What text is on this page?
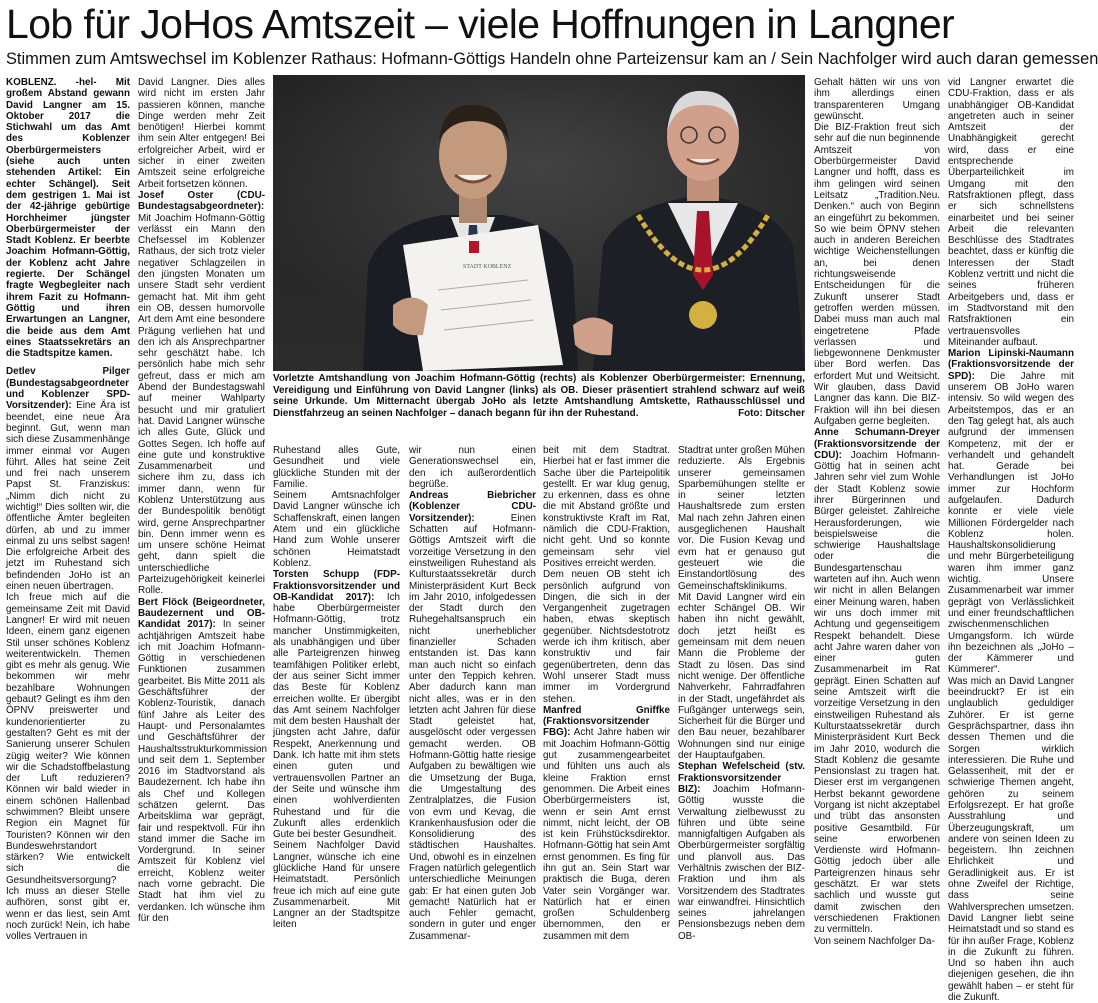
Lob für JoHos Amtszeit – viele Hoffnungen in Langner
Stimmen zum Amtswechsel im Koblenzer Rathaus: Hofmann-Göttigs Handeln ohne Parteizensur kam an / Sein Nachfolger wird auch daran gemessen

KOBLENZ. -hel- Mit großem Abstand gewann David Langner am 15. Oktober 2017 die Stichwahl um das Amt des Koblenzer Oberbürgermeisters (siehe auch unten stehenden Artikel: Ein echter Schängel). Seit dem gestrigen 1. Mai ist der 42-jährige gebürtige Horchheimer jüngster Oberbürgermeister der Stadt Koblenz. Er beerbte Joachim Hofmann-Göttig, der Koblenz acht Jahre regierte. Der Schängel fragte Wegbegleiter nach ihrem Fazit zu Hofmann-Göttig und ihren Erwartungen an Langner, die beide aus dem Amt eines Staatssekretärs an die Stadtspitze kamen.

Detlev Pilger (Bundestagsabgeordneter und Koblenzer SPD-Vorsitzender): Eine Ära ist beendet, eine neue Ära beginnt. Gut, wenn man sich diese Zusammenhänge immer einmal vor Augen führt. Alles hat seine Zeit und frei nach unserem Papst St. Franziskus: „Nimm dich nicht zu wichtig!“ Dies sollten wir, die öffentliche Ämter begleiten dürfen, ab und zu immer einmal zu uns selbst sagen! Die erfolgreiche Arbeit des jetzt im Ruhestand sich befindenden JoHo ist an einen neuen übertragen.

Ich freue mich auf die gemeinsame Zeit mit David Langner! Er wird mit neuen Ideen, einem ganz eigenen Stil unser schönes Koblenz weiterentwickeln. Themen gibt es mehr als genug. Wie bekommen wir mehr bezahlbare Wohnungen gebaut? Gelingt es ihm den ÖPNV preiswerter und kundenorientierter zu gestalten? Geht es mit der Sanierung unserer Schulen zügig weiter? Wie können wir die Schadstoffbelastung der Luft reduzieren? Können wir bald wieder in einem schönen Hallenbad schwimmen? Bleibt unsere Region ein Magnet für Touristen? Können wir den Bundeswehrstandort stärken? Wie entwickelt sich die Gesundheitsversorgung? Ich muss an dieser Stelle aufhören, sonst gibt er, wenn er das liest, sein Amt noch zurück! Nein, ich habe volles Vertrauen in

David Langner. Dies alles wird nicht im ersten Jahr passieren können, manche Dinge werden mehr Zeit benötigen! Hierbei kommt ihm sein Alter entgegen! Bei erfolgreicher Arbeit, wird er sicher in einer zweiten Amtszeit seine erfolgreiche Arbeit fortsetzen können.

Josef Oster (CDU-Bundestagsabgeordneter): Mit Joachim Hofmann-Göttig verlässt ein Mann den Chefsessel im Koblenzer Rathaus, der sich trotz vieler negativer Schlagzeilen in den jüngsten Monaten um unsere Stadt sehr verdient gemacht hat. Mit ihm geht ein OB, dessen humorvolle Art dem Amt eine besondere Prägung verliehen hat und den ich als Ansprechpartner sehr geschätzt habe. Ich persönlich habe mich sehr gefreut, dass er mich am Abend der Bundestagswahl auf meiner Wahlparty besucht und mir gratuliert hat. David Langner wünsche ich alles Gute, Glück und Gottes Segen. Ich hoffe auf eine gute und konstruktive Zusammenarbeit und sichere ihm zu, dass ich immer dann, wenn für Koblenz Unterstützung aus der Bundespolitik benötigt wird, gerne Ansprechpartner bin. Denn immer wenn es um unsere schöne Heimat geht, dann spielt die unterschiedliche Parteizugehörigkeit keinerlei Rolle.

Bert Flöck (Beigeordneter, Baudezernent und OB-Kandidat 2017): In seiner achtjährigen Amtszeit habe ich mit Joachim Hofmann-Göttig in verschiedenen Funktionen zusammen gearbeitet. Bis Mitte 2011 als Geschäftsführer der Koblenz-Touristik, danach fünf Jahre als Leiter des Haupt- und Personalamtes und Geschäftsführer der Haushaltsstrukturkommission und seit dem 1. September 2016 im Stadtvorstand als Baudezernent. Ich habe ihn als Chef und Kollegen schätzen gelernt. Das Arbeitsklima war geprägt, fair und respektvoll. Für ihn stand immer die Sache im Vordergrund. In seiner Amtszeit für Koblenz viel erreicht, Koblenz weiter nach vorne gebracht. Die Stadt hat ihm viel zu verdanken. Ich wünsche ihm für den

STADT KOBLENZ
Vorletzte Amtshandlung von Joachim Hofmann-Göttig (rechts) als Koblenzer Oberbürgermeister: Ernennung, Vereidigung und Einführung von David Langner (links) als OB. Dieser präsentiert strahlend schwarz auf weiß seine Urkunde. Um Mitternacht übergab JoHo als letzte Amtshandlung Amtskette, Rathausschlüssel und Dienstfahrzeug an seinen Nachfolger – danach begann für ihn der Ruhestand.	Foto: Ditscher

Ruhestand alles Gute, Gesundheit und viele glückliche Stunden mit der Familie.

Seinem Amtsnachfolger David Langner wünsche ich Schaffenskraft, einen langen Atem und ein glückliche Hand zum Wohle unserer schönen Heimatstadt Koblenz.

Torsten Schupp (FDP-Fraktionsvorsitzender und OB-Kandidat 2017): Ich habe Oberbürgermeister Hofmann-Göttig, trotz mancher Unstimmigkeiten, als unabhängigen und über alle Parteigrenzen hinweg teamfähigen Politiker erlebt, der aus seiner Sicht immer das Beste für Koblenz erreichen wollte. Er übergibt das Amt seinem Nachfolger mit dem besten Haushalt der jüngsten acht Jahre, dafür Respekt, Anerkennung und Dank. Ich hatte mit ihm stets einen guten und vertrauensvollen Partner an der Seite und wünsche ihm einen wohlverdienten Ruhestand und für die Zukunft alles erdenklich Gute bei bester Gesundheit.

Seinem Nachfolger David Langner, wünsche ich eine glückliche Hand für unsere Heimatstadt. Persönlich freue ich mich auf eine gute Zusammenarbeit. Mit Langner an der Stadtspitze leiten

wir nun einen Generationswechsel ein, den ich außerordentlich begrüße.

Andreas Biebricher (Koblenzer CDU-Vorsitzender): Einen Schatten auf Hofmann-Göttigs Amtszeit wirft die vorzeitige Versetzung in den einstweiligen Ruhestand als Kulturstaatssekretär durch Ministerpräsident Kurt Beck im Jahr 2010, infolgedessen der Stadt durch den Ruhegehaltsanspruch ein nicht unerheblicher finanzieller Schaden entstanden ist. Das kann man auch nicht so einfach unter den Teppich kehren. Aber dadurch kann man nicht alles, was er in den letzten acht Jahren für diese Stadt geleistet hat, ausgelöscht oder vergessen gemacht werden. OB Hofmann-Göttig hatte riesige Aufgaben zu bewältigen wie die Umsetzung der Buga, die Umgestaltung des Zentralplatzes, die Fusion von evm und Kevag, die Krankenhausfusion oder die Konsolidierung des städtischen Haushaltes. Und, obwohl es in einzelnen Fragen natürlich gelegentlich unterschiedliche Meinungen gab: Er hat einen guten Job gemacht! Natürlich hat er auch Fehler gemacht, sondern in guter und enger Zusammenar-

beit mit dem Stadtrat. Hierbei hat er fast immer die Sache über die Parteipolitik gestellt. Er war klug genug, zu erkennen, dass es ohne die mit Abstand größte und konstruktivste Kraft im Rat, nämlich die CDU-Fraktion, nicht geht. Und so konnte gemeinsam sehr viel Positives erreicht werden.

Dem neuen OB steht ich persönlich aufgrund von Dingen, die sich in der Vergangenheit zugetragen haben, etwas skeptisch gegenüber. Nichtsdestotrotz werde ich ihm kritisch, aber konstruktiv und fair gegenübertreten, denn das Wohl unserer Stadt muss immer im Vordergrund stehen.

Manfred Gniffke (Fraktionsvorsitzender FBG): Acht Jahre haben wir mit Joachim Hofmann-Göttig gut zusammengearbeitet und fühlten uns auch als kleine Fraktion ernst genommen. Die Arbeit eines Oberbürgermeisters ist, wenn er sein Amt ernst nimmt, nicht leicht, der OB ist kein Frühstücksdirektor. Hofmann-Göttig hat sein Amt ernst genommen. Es fing für ihn gut an. Sein Start war praktisch die Buga, deren Vater sein Vorgänger war. Natürlich hat er einen großen Schuldenberg übernommen, den er zusammen mit dem

Stadtrat unter großen Mühen reduzierte. Als Ergebnis unserer gemeinsamen Sparbemühungen stellte er in seiner letzten Haushaltsrede zum ersten Mal nach zehn Jahren einen ausgeglichenen Haushalt vor. Die Fusion Kevag und evm hat er genauso gut gesteuert wie die Einstandortlösung des Gemeinschaftsklinikums.

Mit David Langner wird ein echter Schängel OB. Wir haben ihn nicht gewählt, doch jetzt heißt es gemeinsam mit dem neuen Mann die Probleme der Stadt zu lösen. Das sind nicht wenige. Der öffentliche Nahverkehr, Fahrradfahren in der Stadt, ungefährdet als Fußgänger unterwegs sein, Sicherheit für die Bürger und den Bau neuer, bezahlbarer Wohnungen sind nur einige der Hauptaufgaben.

Stephan Wefelscheid (stv. Fraktionsvorsitzender BIZ): Joachim Hofmann-Göttig wusste die Verwaltung zielbewusst zu führen und übte seine mannigfaltigen Aufgaben als Oberbürgermeister sorgfältig und planvoll aus. Das Verhältnis zwischen der BIZ-Fraktion und ihm als Vorsitzendem des Stadtrates war einwandfrei. Hinsichtlich seines jahrelangen Pensionsbezugs neben dem OB-

Gehalt hätten wir uns von ihm allerdings einen transparenteren Umgang gewünscht.

Die BIZ-Fraktion freut sich sehr auf die nun beginnende Amtszeit von Oberbürgermeister David Langner und hofft, dass es ihm gelingen wird seinen Leitsatz „Tradition.Neu. Denken.“ auch von Beginn an eingeführt zu bekommen. So wie beim ÖPNV stehen auch in anderen Bereichen wichtige Weichenstellungen an, bei denen richtungsweisende Entscheidungen für die Zukunft unserer Stadt getroffen werden müssen. Dabei muss man auch mal eingetretene Pfade verlassen und liebgewonnene Denkmuster über Bord werfen. Das erfordert Mut und Weitsicht. Wir glauben, dass David Langner das kann. Die BIZ-Fraktion will ihn bei diesen Aufgaben gerne begleiten.

Anne Schumann-Dreyer (Fraktionsvorsitzende der CDU): Joachim Hofmann-Göttig hat in seinen acht Jahren sehr viel zum Wohle der Stadt Koblenz sowie ihrer Bürgerinnen und Bürger geleistet. Zahlreiche Herausforderungen, wie beispielsweise die schwierige Haushaltslage oder die Bundesgartenschau warteten auf ihn. Auch wenn wir nicht in allen Belangen einer Meinung waren, haben wir uns doch immer mit Achtung und gegenseitigem Respekt behandelt. Diese acht Jahre waren daher von einer guten Zusammenarbeit im Rat geprägt. Einen Schatten auf seine Amtszeit wirft die vorzeitige Versetzung in den einstweiligen Ruhestand als Kulturstaatssekretär durch Ministerpräsident Kurt Beck im Jahr 2010, wodurch die Stadt Koblenz die gesamte Pensionslast zu tragen hat. Dieser erst im vergangenen Herbst bekannt gewordene Vorgang ist nicht akzeptabel und trübt das ansonsten positive Gesamtbild. Für seine erworbenen Verdienste wird Hofmann-Göttig jedoch über alle Parteigrenzen hinaus sehr geschätzt. Er war stets sachlich und wusste gut damit zwischen den verschiedenen Fraktionen zu vermitteln.

Von seinem Nachfolger Da-

vid Langner erwartet die CDU-Fraktion, dass er als unabhängiger OB-Kandidat angetreten auch in seiner Amtszeit der Unabhängigkeit gerecht wird, dass er eine entsprechende Überparteilichkeit im Umgang mit den Ratsfraktionen pflegt, dass er sich schnellstens einarbeitet und bei seiner Arbeit die relevanten Beschlüsse des Stadtrates beachtet, dass er künftig die Interessen der Stadt Koblenz vertritt und nicht die seines früheren Arbeitgebers und, dass er im Stadtvorstand mit den Ratsfraktionen ein vertrauensvolles Miteinander aufbaut.

Marion Lipinski-Naumann (Fraktionsvorsitzende der SPD): Die Jahre mit unserem OB JoHo waren intensiv. So wild wegen des Arbeitstempos, das er an den Tag gelegt hat, als auch aufgrund der immensen Kompetenz, mit der er verhandelt und gehandelt hat. Gerade bei Verhandlungen ist JoHo immer zur Hochform aufgelaufen. Dadurch konnte er viele viele Millionen Fördergelder nach Koblenz holen. Haushaltskonsolidierung und mehr Bürgerbeteiligung waren ihm immer ganz wichtig. Unsere Zusammenarbeit war immer geprägt von Verlässlichkeit und einer freundschaftlichen zwischenmenschlichen Umgangsform. Ich würde ihn bezeichnen als „JoHo – der Kämmerer und Kümmerer“.

Was mich an David Langner beeindruckt? Er ist ein unglaublich geduldiger Zuhörer. Er ist gerne Gesprächspartner, dass ihn dessen Themen und die Sorgen wirklich interessieren. Die Ruhe und Gelassenheit, mit der er schwierige Themen angeht, gehören zu seinem Erfolgsrezept. Er hat große Ausstrahlung und Überzeugungskraft, um andere von seinen Ideen zu begeistern. Ihn zeichnen Ehrlichkeit und Geradlinigkeit aus. Er ist ohne Zweifel der Richtige, dass seine Wahlversprechen umsetzen. David Langner liebt seine Heimatstadt und so stand es für ihn außer Frage, Koblenz in die Zukunft zu führen. Und so haben ihn auch diejenigen gesehen, die ihn gewählt haben – er steht für die Zukunft.
